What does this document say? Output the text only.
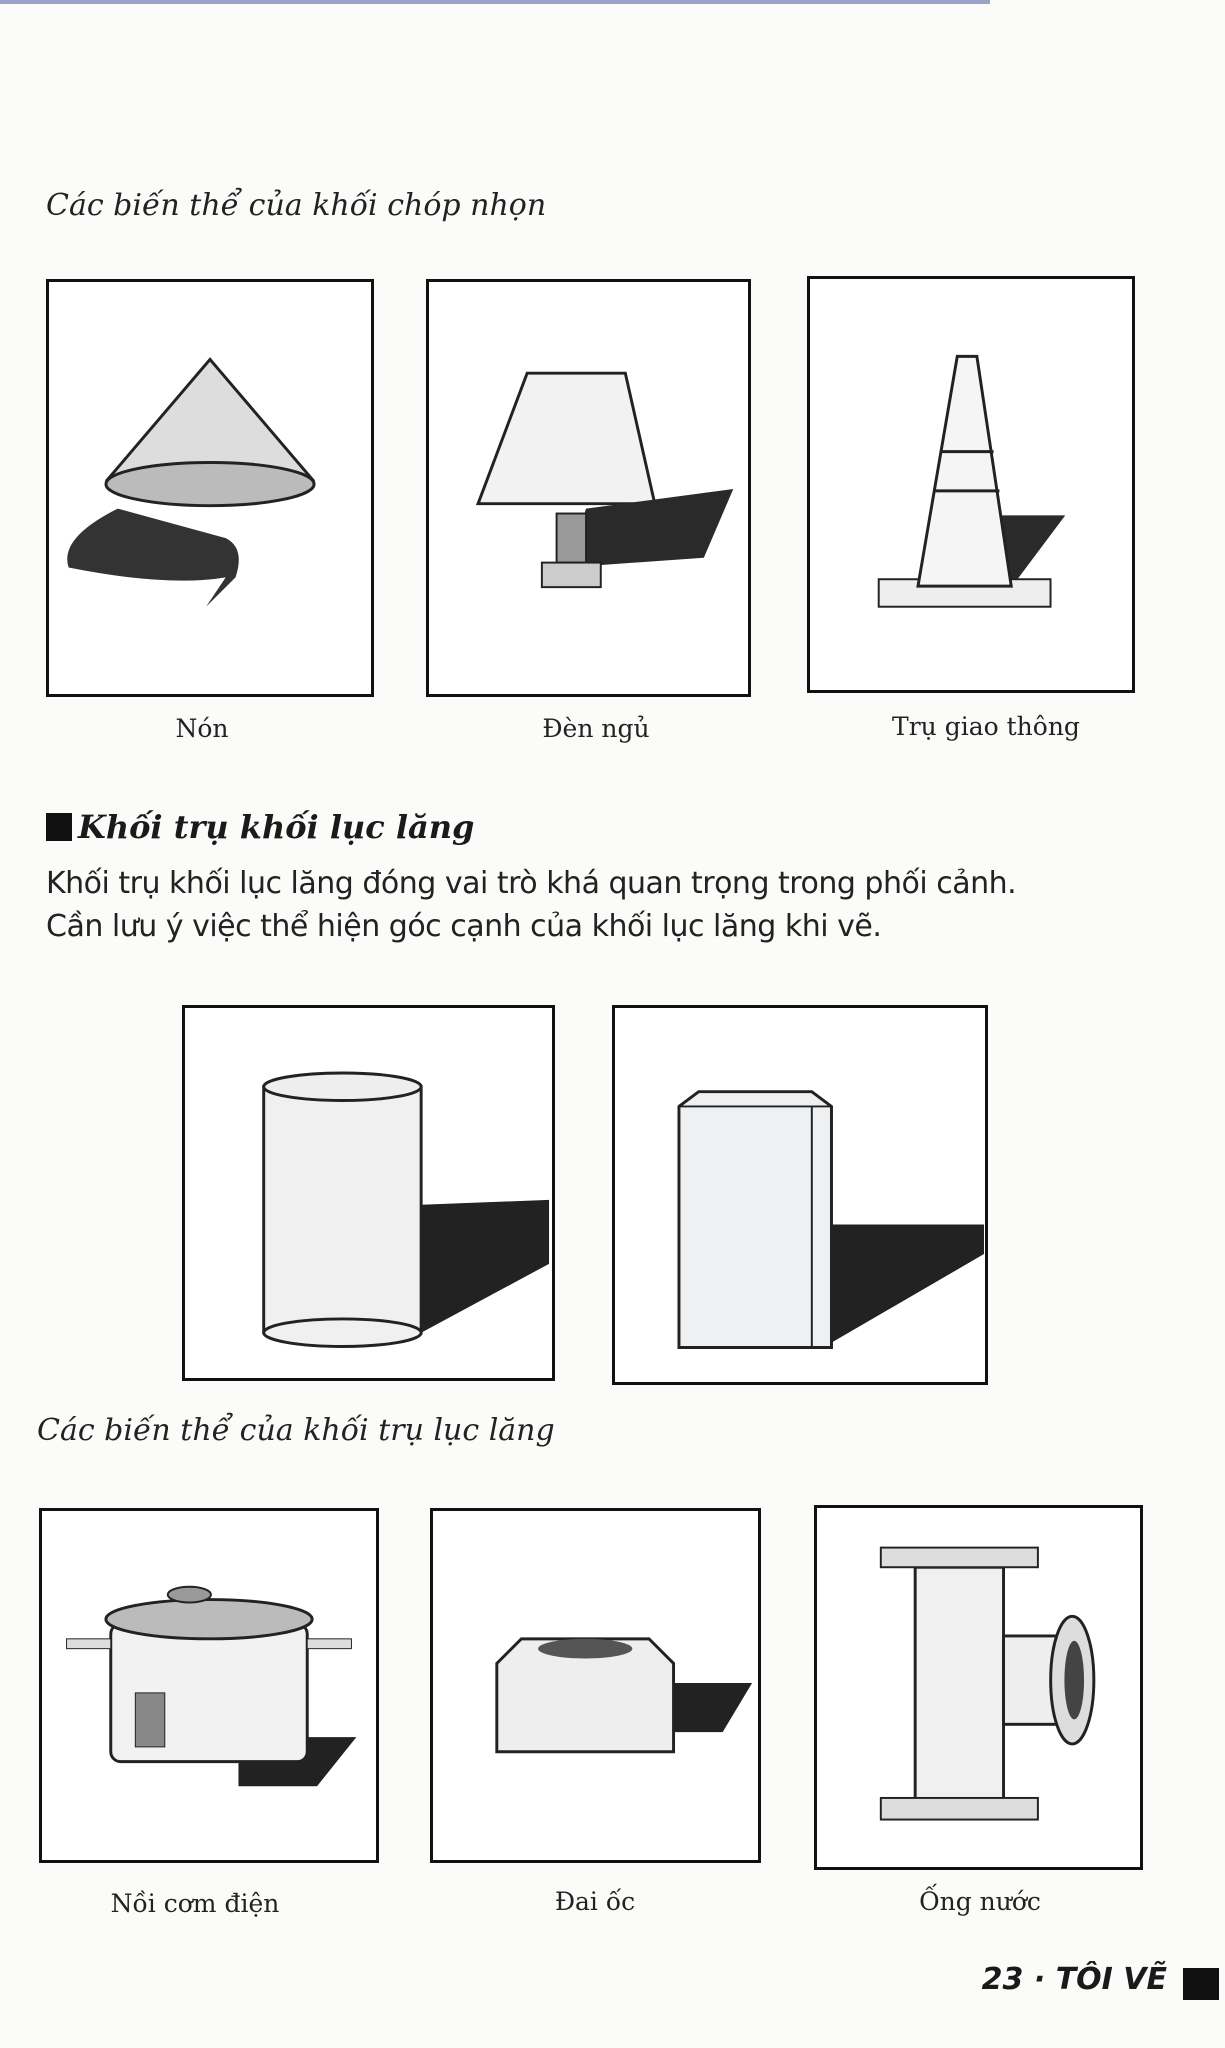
Các biến thể của khối chóp nhọn
Nón	Đèn ngủ	Trụ giao thông
Khối trụ khối lục lăng
Khối trụ khối lục lăng đóng vai trò khá quan trọng trong phối cảnh.
Cần lưu ý việc thể hiện góc cạnh của khối lục lăng khi vẽ.
Các biến thể của khối trụ lục lăng
Nồi cơm điện	Đai ốc	Ống nước
23 · TÔI VẼ
